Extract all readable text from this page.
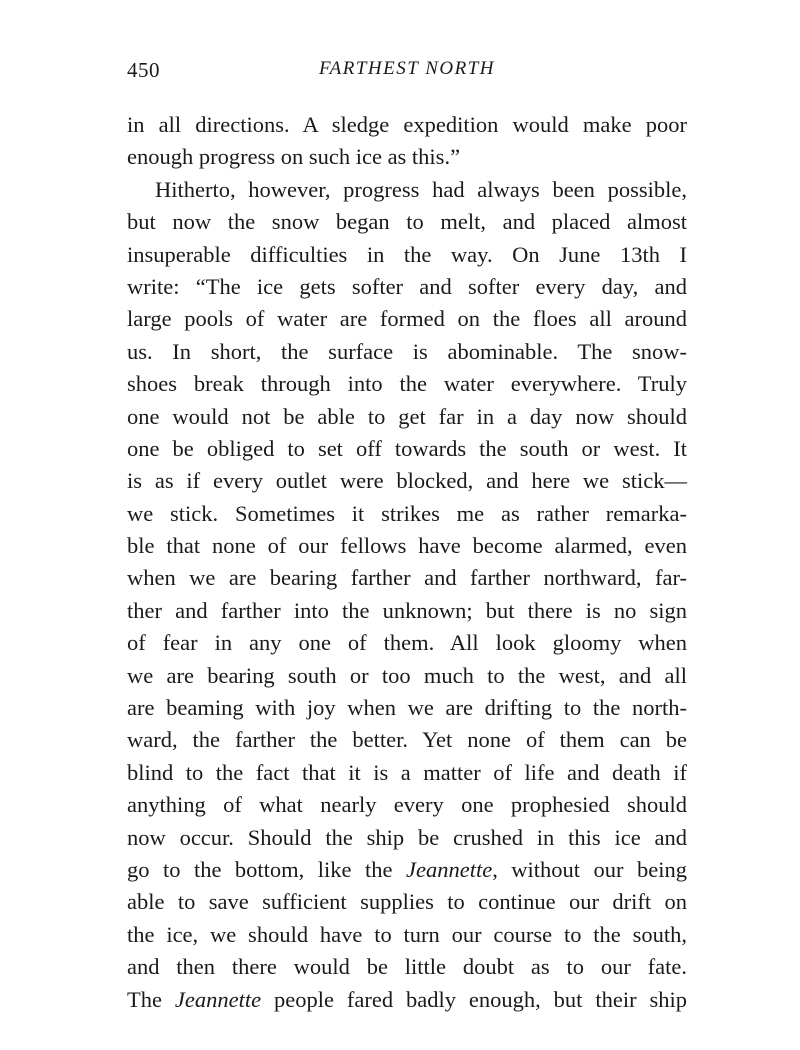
450	FARTHEST NORTH
in all directions. A sledge expedition would make poor
enough progress on such ice as this.”
Hitherto, however, progress had always been possible,
but now the snow began to melt, and placed almost
insuperable difficulties in the way. On June 13th I
write: “The ice gets softer and softer every day, and
large pools of water are formed on the floes all around
us. In short, the surface is abominable. The snow-
shoes break through into the water everywhere. Truly
one would not be able to get far in a day now should
one be obliged to set off towards the south or west. It
is as if every outlet were blocked, and here we stick—
we stick. Sometimes it strikes me as rather remarka-
ble that none of our fellows have become alarmed, even
when we are bearing farther and farther northward, far-
ther and farther into the unknown; but there is no sign
of fear in any one of them. All look gloomy when
we are bearing south or too much to the west, and all
are beaming with joy when we are drifting to the north-
ward, the farther the better. Yet none of them can be
blind to the fact that it is a matter of life and death if
anything of what nearly every one prophesied should
now occur. Should the ship be crushed in this ice and
go to the bottom, like the Jeannette, without our being
able to save sufficient supplies to continue our drift on
the ice, we should have to turn our course to the south,
and then there would be little doubt as to our fate.
The Jeannette people fared badly enough, but their ship
